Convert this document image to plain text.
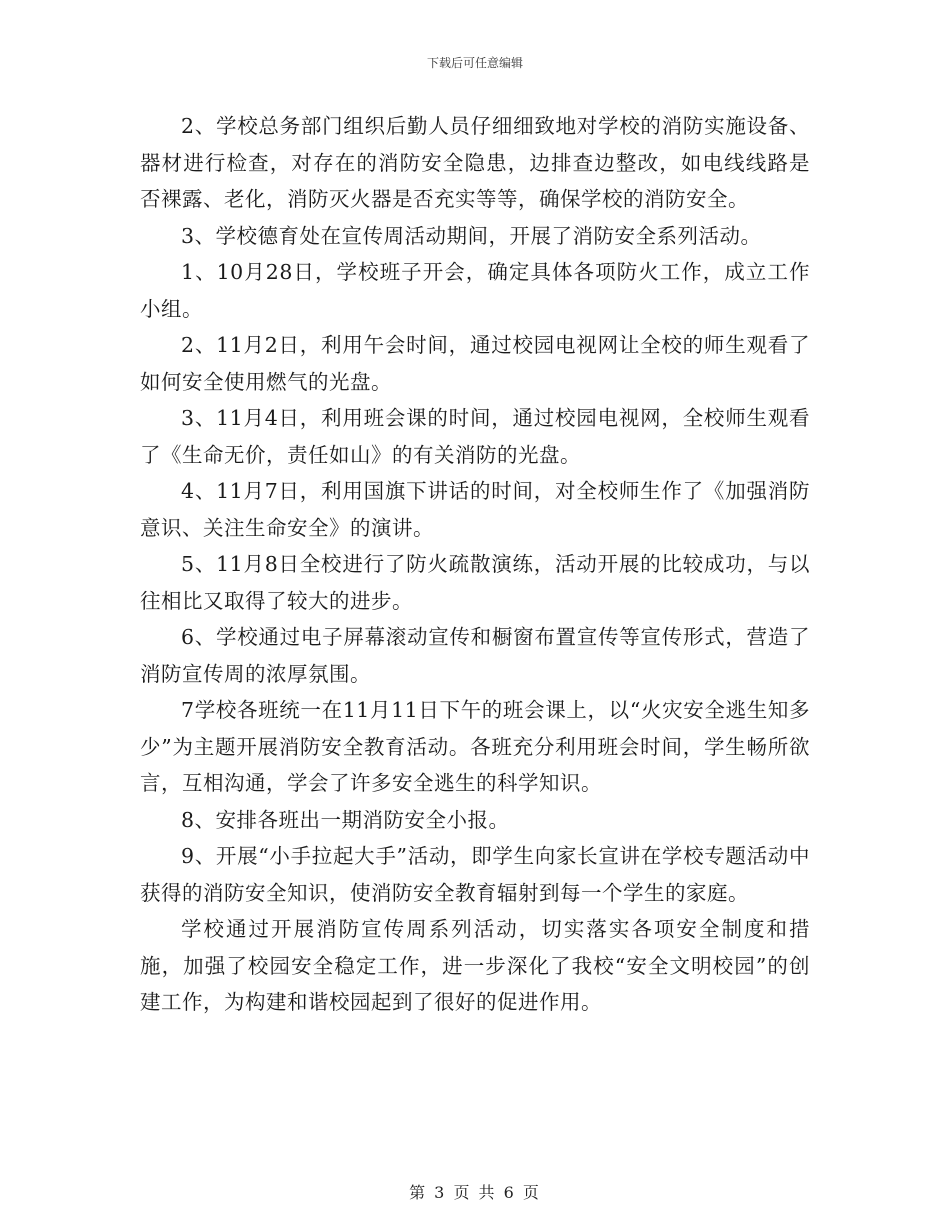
下载后可任意编辑

2、学校总务部门组织后勤人员仔细细致地对学校的消防实施设备、器材进行检查，对存在的消防安全隐患，边排查边整改，如电线线路是否裸露、老化，消防灭火器是否充实等等，确保学校的消防安全。

3、学校德育处在宣传周活动期间，开展了消防安全系列活动。

1、10月28日，学校班子开会，确定具体各项防火工作，成立工作小组。

2、11月2日，利用午会时间，通过校园电视网让全校的师生观看了如何安全使用燃气的光盘。

3、11月4日，利用班会课的时间，通过校园电视网，全校师生观看了《生命无价，责任如山》的有关消防的光盘。

4、11月7日，利用国旗下讲话的时间，对全校师生作了《加强消防意识、关注生命安全》的演讲。

5、11月8日全校进行了防火疏散演练，活动开展的比较成功，与以往相比又取得了较大的进步。

6、学校通过电子屏幕滚动宣传和橱窗布置宣传等宣传形式，营造了消防宣传周的浓厚氛围。

7学校各班统一在11月11日下午的班会课上，以“火灾安全逃生知多少”为主题开展消防安全教育活动。各班充分利用班会时间，学生畅所欲言，互相沟通，学会了许多安全逃生的科学知识。

8、安排各班出一期消防安全小报。

9、开展“小手拉起大手”活动，即学生向家长宣讲在学校专题活动中获得的消防安全知识，使消防安全教育辐射到每一个学生的家庭。

学校通过开展消防宣传周系列活动，切实落实各项安全制度和措施，加强了校园安全稳定工作，进一步深化了我校“安全文明校园”的创建工作，为构建和谐校园起到了很好的促进作用。

第 3 页 共 6 页
